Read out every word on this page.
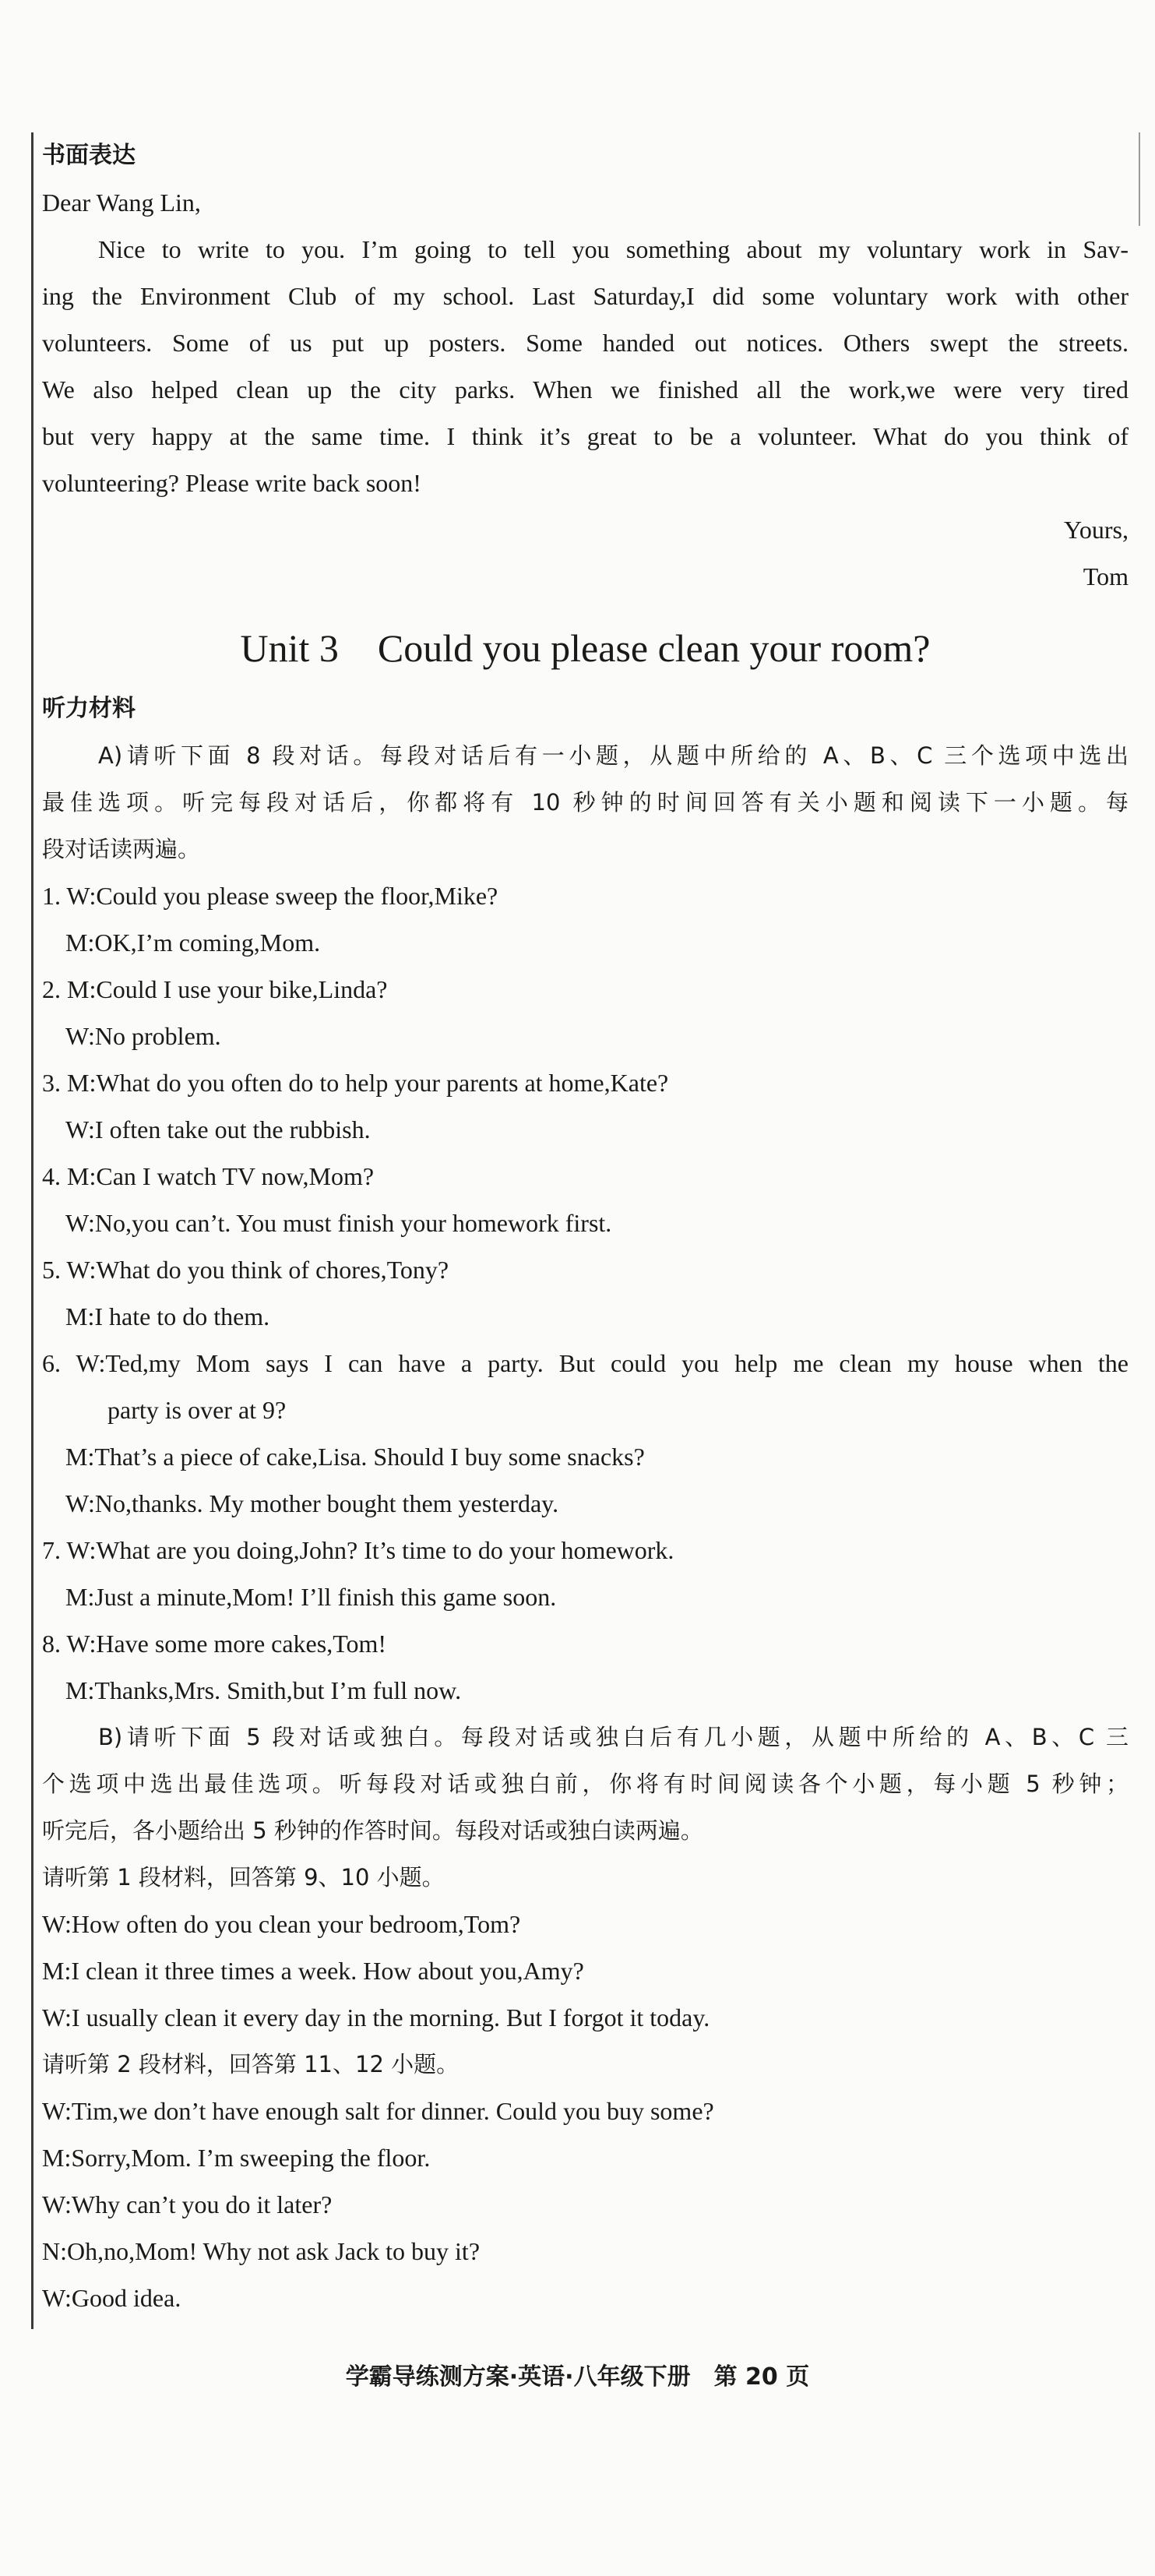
书面表达
Dear Wang Lin,
Nice to write to you. I’m going to tell you something about my voluntary work in Sav-
ing the Environment Club of my school. Last Saturday,I did some voluntary work with other
volunteers. Some of us put up posters. Some handed out notices. Others swept the streets.
We also helped clean up the city parks. When we finished all the work,we were very tired
but very happy at the same time. I think it’s great to be a volunteer. What do you think of
volunteering? Please write back soon!
Yours,
Tom
Unit 3　Could you please clean your room?
听力材料
A)请听下面 8 段对话。每段对话后有一小题，从题中所给的 A、B、C 三个选项中选出
最佳选项。听完每段对话后，你都将有 10 秒钟的时间回答有关小题和阅读下一小题。每
段对话读两遍。
1. W:Could you please sweep the floor,Mike?
M:OK,I’m coming,Mom.
2. M:Could I use your bike,Linda?
W:No problem.
3. M:What do you often do to help your parents at home,Kate?
W:I often take out the rubbish.
4. M:Can I watch TV now,Mom?
W:No,you can’t. You must finish your homework first.
5. W:What do you think of chores,Tony?
M:I hate to do them.
6. W:Ted,my Mom says I can have a party. But could you help me clean my house when the
party is over at 9?
M:That’s a piece of cake,Lisa. Should I buy some snacks?
W:No,thanks. My mother bought them yesterday.
7. W:What are you doing,John? It’s time to do your homework.
M:Just a minute,Mom! I’ll finish this game soon.
8. W:Have some more cakes,Tom!
M:Thanks,Mrs. Smith,but I’m full now.
B)请听下面 5 段对话或独白。每段对话或独白后有几小题，从题中所给的 A、B、C 三
个选项中选出最佳选项。听每段对话或独白前，你将有时间阅读各个小题，每小题 5 秒钟；
听完后，各小题给出 5 秒钟的作答时间。每段对话或独白读两遍。
请听第 1 段材料，回答第 9、10 小题。
W:How often do you clean your bedroom,Tom?
M:I clean it three times a week. How about you,Amy?
W:I usually clean it every day in the morning. But I forgot it today.
请听第 2 段材料，回答第 11、12 小题。
W:Tim,we don’t have enough salt for dinner. Could you buy some?
M:Sorry,Mom. I’m sweeping the floor.
W:Why can’t you do it later?
N:Oh,no,Mom! Why not ask Jack to buy it?
W:Good idea.
学霸导练测方案·英语·八年级下册　第 20 页
